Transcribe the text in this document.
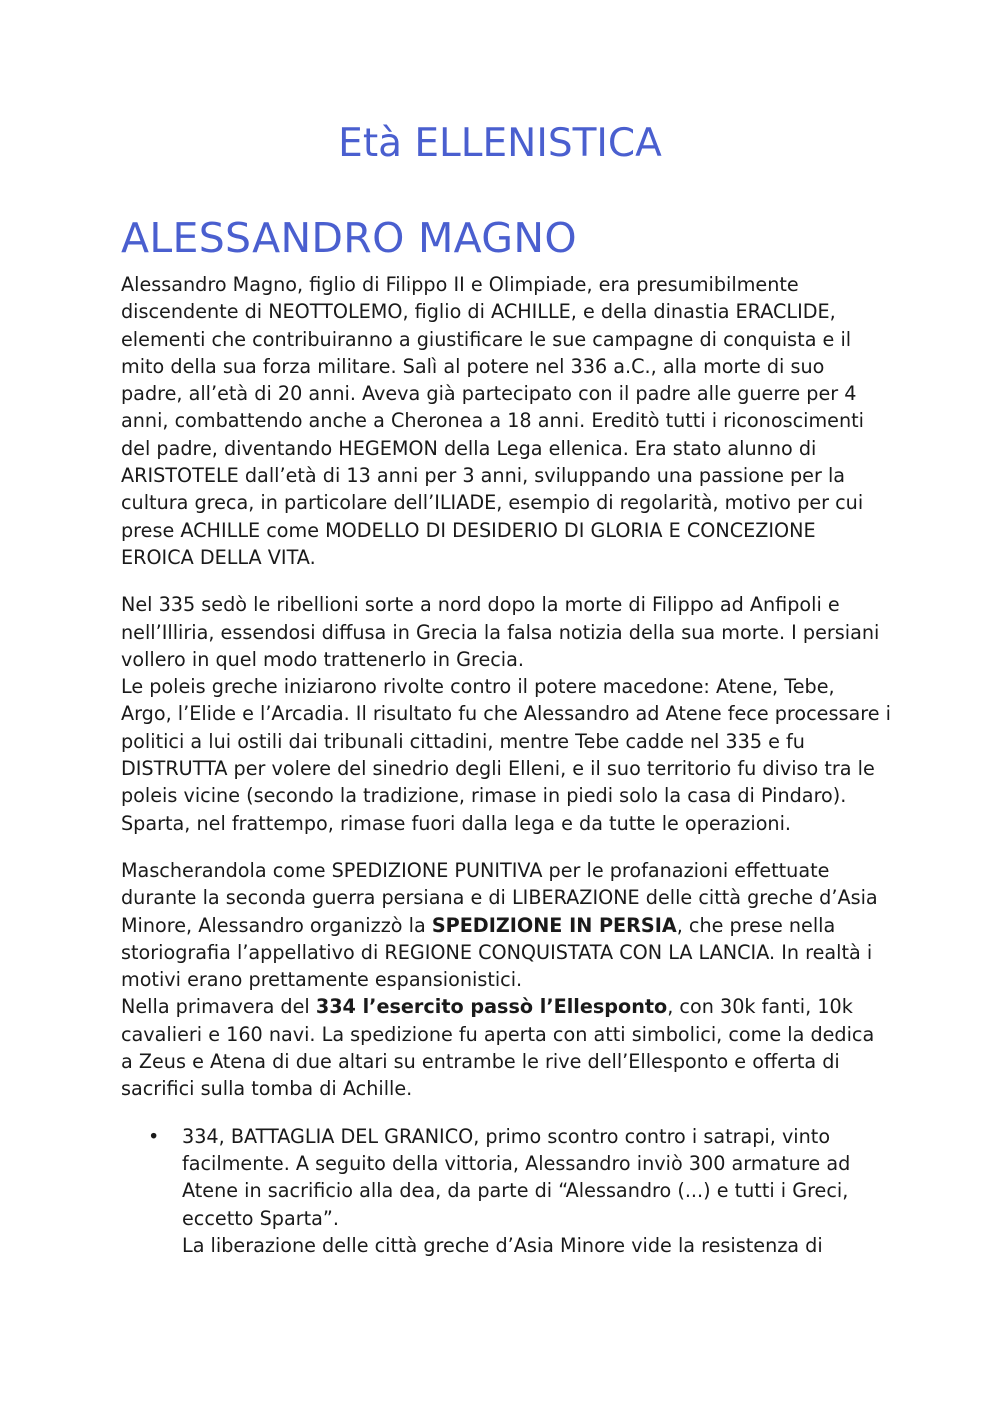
Età ELLENISTICA
ALESSANDRO MAGNO

Alessandro Magno, figlio di Filippo II e Olimpiade, era presumibilmente discendente di NEOTTOLEMO, figlio di ACHILLE, e della dinastia ERACLIDE, elementi che contribuiranno a giustificare le sue campagne di conquista e il mito della sua forza militare. Salì al potere nel 336 a.C., alla morte di suo padre, all’età di 20 anni. Aveva già partecipato con il padre alle guerre per 4 anni, combattendo anche a Cheronea a 18 anni. Ereditò tutti i riconoscimenti del padre, diventando HEGEMON della Lega ellenica. Era stato alunno di ARISTOTELE dall’età di 13 anni per 3 anni, sviluppando una passione per la cultura greca, in particolare dell’ILIADE, esempio di regolarità, motivo per cui prese ACHILLE come MODELLO DI DESIDERIO DI GLORIA E CONCEZIONE EROICA DELLA VITA.

Nel 335 sedò le ribellioni sorte a nord dopo la morte di Filippo ad Anfipoli e nell’Illiria, essendosi diffusa in Grecia la falsa notizia della sua morte. I persiani vollero in quel modo trattenerlo in Grecia.

Le poleis greche iniziarono rivolte contro il potere macedone: Atene, Tebe, Argo, l’Elide e l’Arcadia. Il risultato fu che Alessandro ad Atene fece processare i politici a lui ostili dai tribunali cittadini, mentre Tebe cadde nel 335 e fu DISTRUTTA per volere del sinedrio degli Elleni, e il suo territorio fu diviso tra le poleis vicine (secondo la tradizione, rimase in piedi solo la casa di Pindaro). Sparta, nel frattempo, rimase fuori dalla lega e da tutte le operazioni.

Mascherandola come SPEDIZIONE PUNITIVA per le profanazioni effettuate durante la seconda guerra persiana e di LIBERAZIONE delle città greche d’Asia Minore, Alessandro organizzò la SPEDIZIONE IN PERSIA, che prese nella storiografia l’appellativo di REGIONE CONQUISTATA CON LA LANCIA. In realtà i motivi erano prettamente espansionistici.

Nella primavera del 334 l’esercito passò l’Ellesponto, con 30k fanti, 10k cavalieri e 160 navi. La spedizione fu aperta con atti simbolici, come la dedica a Zeus e Atena di due altari su entrambe le rive dell’Ellesponto e offerta di sacrifici sulla tomba di Achille.

• 334, BATTAGLIA DEL GRANICO, primo scontro contro i satrapi, vinto facilmente. A seguito della vittoria, Alessandro inviò 300 armature ad Atene in sacrificio alla dea, da parte di “Alessandro (...) e tutti i Greci, eccetto Sparta”.
La liberazione delle città greche d’Asia Minore vide la resistenza di
